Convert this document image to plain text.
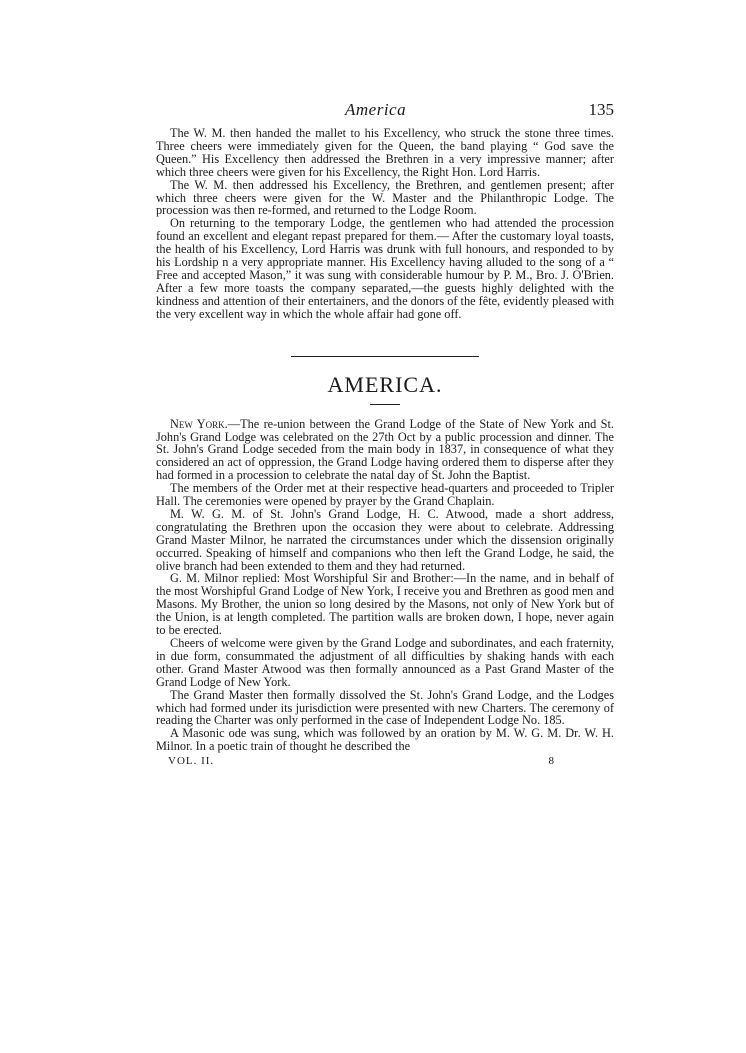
America	135

The W. M. then handed the mallet to his Excellency, who struck the stone three times. Three cheers were immediately given for the Queen, the band playing “ God save the Queen.” His Excellency then addressed the Brethren in a very impressive manner; after which three cheers were given for his Excellency, the Right Hon. Lord Harris.

The W. M. then addressed his Excellency, the Brethren, and gentlemen present; after which three cheers were given for the W. Master and the Philanthropic Lodge. The procession was then re-formed, and returned to the Lodge Room.

On returning to the temporary Lodge, the gentlemen who had attended the procession found an excellent and elegant repast prepared for them.— After the customary loyal toasts, the health of his Excellency, Lord Harris was drunk with full honours, and responded to by his Lordship n a very appropriate manner. His Excellency having alluded to the song of a “ Free and accepted Mason,” it was sung with considerable humour by P. M., Bro. J. O'Brien. After a few more toasts the company separated,—the guests highly delighted with the kindness and attention of their entertainers, and the donors of the fête, evidently pleased with the very excellent way in which the whole affair had gone off.

AMERICA.

New York.—The re-union between the Grand Lodge of the State of New York and St. John's Grand Lodge was celebrated on the 27th Oct by a public procession and dinner. The St. John's Grand Lodge seceded from the main body in 1837, in consequence of what they considered an act of oppression, the Grand Lodge having ordered them to disperse after they had formed in a procession to celebrate the natal day of St. John the Baptist.

The members of the Order met at their respective head-quarters and proceeded to Tripler Hall. The ceremonies were opened by prayer by the Grand Chaplain.

M. W. G. M. of St. John's Grand Lodge, H. C. Atwood, made a short address, congratulating the Brethren upon the occasion they were about to celebrate. Addressing Grand Master Milnor, he narrated the circumstances under which the dissension originally occurred. Speaking of himself and companions who then left the Grand Lodge, he said, the olive branch had been extended to them and they had returned.

G. M. Milnor replied: Most Worshipful Sir and Brother:—In the name, and in behalf of the most Worshipful Grand Lodge of New York, I receive you and Brethren as good men and Masons. My Brother, the union so long desired by the Masons, not only of New York but of the Union, is at length completed. The partition walls are broken down, I hope, never again to be erected.

Cheers of welcome were given by the Grand Lodge and subordinates, and each fraternity, in due form, consummated the adjustment of all difficulties by shaking hands with each other. Grand Master Atwood was then formally announced as a Past Grand Master of the Grand Lodge of New York.

The Grand Master then formally dissolved the St. John's Grand Lodge, and the Lodges which had formed under its jurisdiction were presented with new Charters. The ceremony of reading the Charter was only performed in the case of Independent Lodge No. 185.

A Masonic ode was sung, which was followed by an oration by M. W. G. M. Dr. W. H. Milnor. In a poetic train of thought he described the

VOL. II.	8
